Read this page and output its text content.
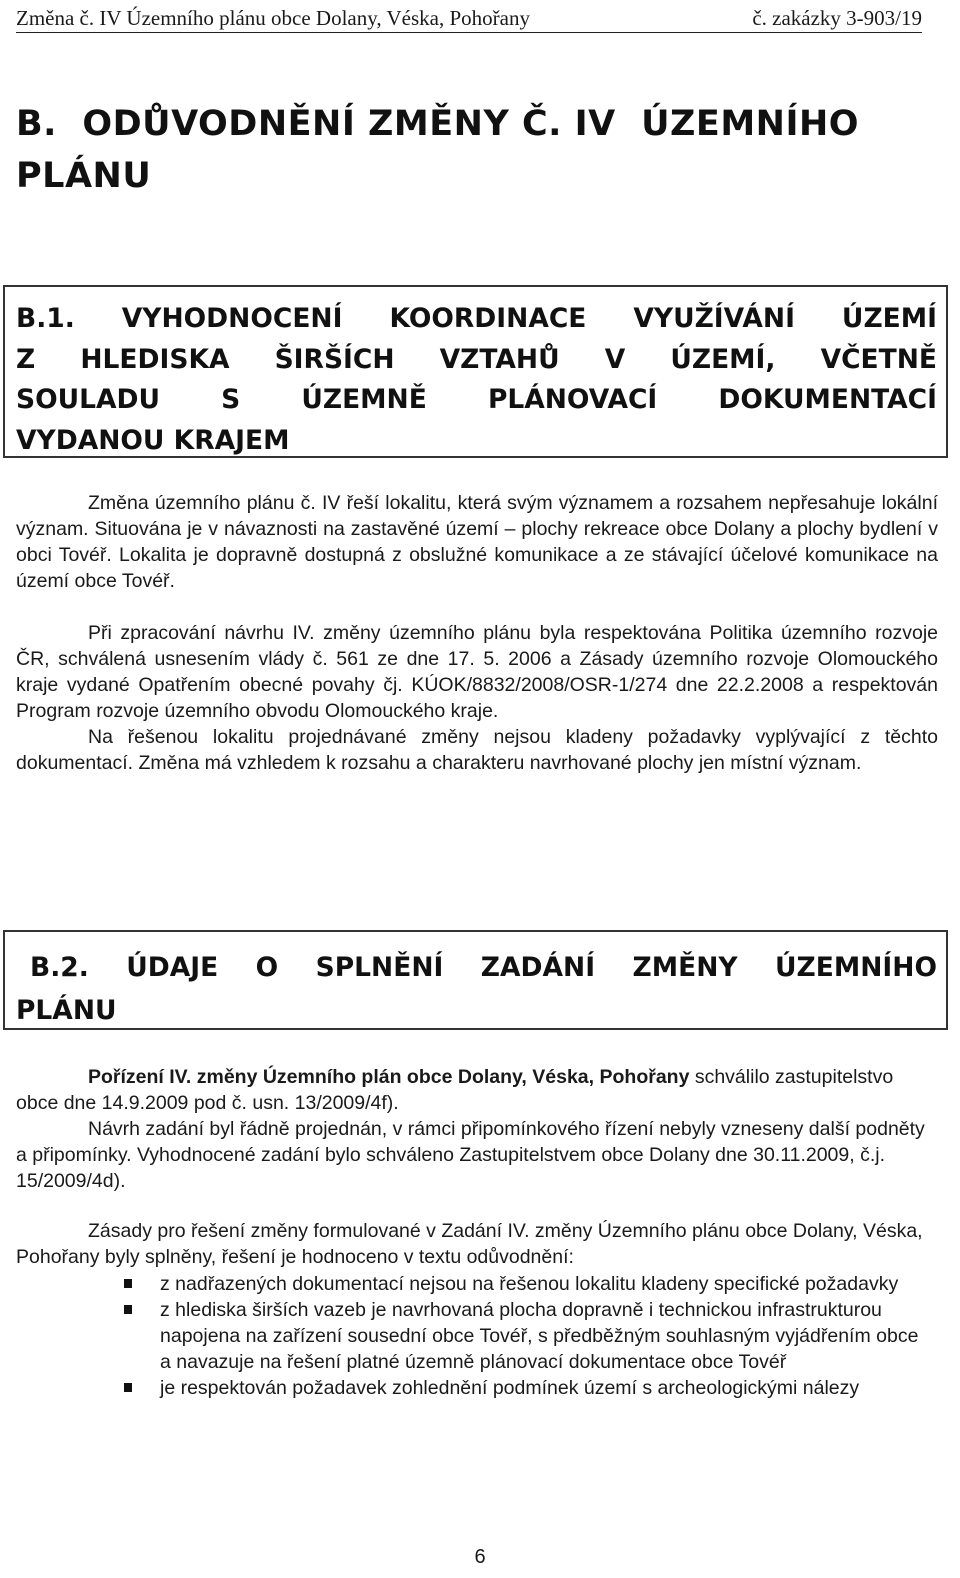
Změna č. IV Územního plánu obce Dolany, Véska, Pohořany	č. zakázky 3-903/19
B.  ODŮVODNĚNÍ ZMĚNY Č. IV  ÚZEMNÍHO
PLÁNU
B.1. VYHODNOCENÍ KOORDINACE VYUŽÍVÁNÍ ÚZEMÍ
Z HLEDISKA ŠIRŠÍCH VZTAHŮ V ÚZEMÍ, VČETNĚ
SOULADU S ÚZEMNĚ PLÁNOVACÍ DOKUMENTACÍ
VYDANOU KRAJEM

Změna územního plánu č. IV řeší lokalitu, která svým významem a rozsahem nepřesahuje lokální význam. Situována je v návaznosti na zastavěné území – plochy rekreace obce Dolany a plochy bydlení v obci Tovéř. Lokalita je dopravně dostupná z obslužné komunikace a ze stávající účelové komunikace na území obce Tovéř.

Při zpracování návrhu IV. změny územního plánu byla respektována Politika územního rozvoje ČR, schválená usnesením vlády č. 561 ze dne 17. 5. 2006 a Zásady územního rozvoje Olomouckého kraje vydané Opatřením obecné povahy čj. KÚOK/8832/2008/OSR-1/274 dne 22.2.2008 a respektován Program rozvoje územního obvodu Olomouckého kraje.

Na řešenou lokalitu projednávané změny nejsou kladeny požadavky vyplývající z těchto dokumentací. Změna má vzhledem k rozsahu a charakteru navrhované plochy jen místní význam.

B.2. ÚDAJE O SPLNĚNÍ ZADÁNÍ ZMĚNY ÚZEMNÍHO
PLÁNU

Pořízení IV. změny Územního plán obce Dolany, Véska, Pohořany schválilo zastupitelstvo obce dne 14.9.2009 pod č. usn. 13/2009/4f).

Návrh zadání byl řádně projednán, v rámci připomínkového řízení nebyly vzneseny další podněty a připomínky. Vyhodnocené zadání bylo schváleno Zastupitelstvem obce Dolany dne 30.11.2009, č.j. 15/2009/4d).

Zásady pro řešení změny formulované v Zadání IV. změny Územního plánu obce Dolany, Véska, Pohořany byly splněny, řešení je hodnoceno v textu odůvodnění:

z nadřazených dokumentací nejsou na řešenou lokalitu kladeny specifické požadavky

z hlediska širších vazeb je navrhovaná plocha dopravně i technickou infrastrukturou napojena na zařízení sousední obce Tovéř, s předběžným souhlasným vyjádřením obce a navazuje na řešení platné územně plánovací dokumentace obce Tovéř

je respektován požadavek zohlednění podmínek území s archeologickými nálezy

6
